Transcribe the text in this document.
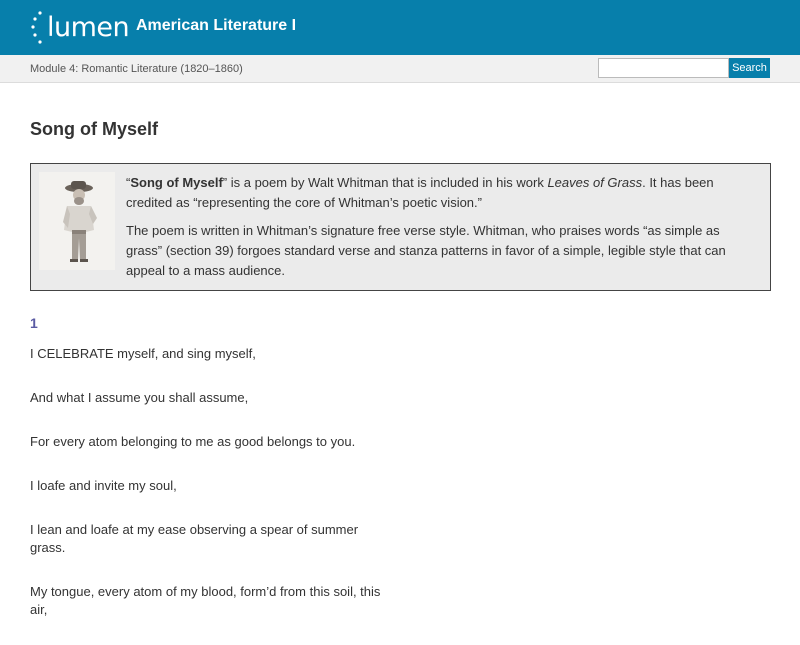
lumen American Literature I
Module 4: Romantic Literature (1820–1860)	Search
Song of Myself

“Song of Myself” is a poem by Walt Whitman that is included in his work Leaves of Grass. It has been credited as “representing the core of Whitman’s poetic vision.”

The poem is written in Whitman’s signature free verse style. Whitman, who praises words “as simple as grass” (section 39) forgoes standard verse and stanza patterns in favor of a simple, legible style that can appeal to a mass audience.

1

I CELEBRATE myself, and sing myself,

And what I assume you shall assume,

For every atom belonging to me as good belongs to you.

I loafe and invite my soul,

I lean and loafe at my ease observing a spear of summer grass.

My tongue, every atom of my blood, form’d from this soil, this air,
